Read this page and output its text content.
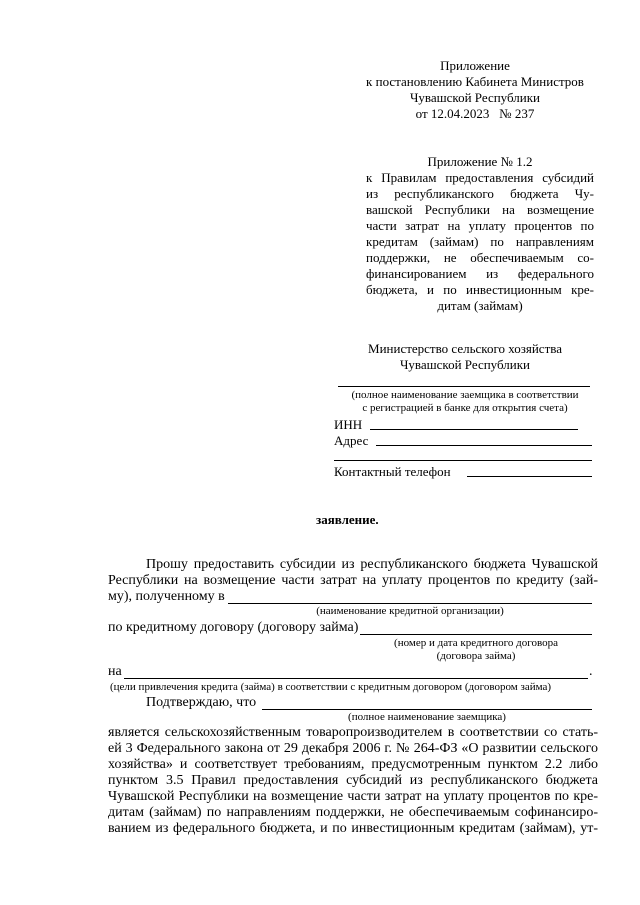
Приложение
к постановлению Кабинета Министров
Чувашской Республики
от 12.04.2023   № 237
Приложение № 1.2
к Правилам предоставления субсидий
из республиканского бюджета Чу-
вашской Республики на возмещение
части затрат на уплату процентов по
кредитам (займам) по направлениям
поддержки, не обеспечиваемым со-
финансированием из федерального
бюджета, и по инвестиционным кре-
дитам (займам)
Министерство сельского хозяйства
Чувашской Республики
(полное наименование заемщика в соответствии
с регистрацией в банке для открытия счета)
ИНН
Адрес
Контактный телефон
заявление.
Прошу предоставить субсидии из республиканского бюджета Чувашской
Республики на возмещение части затрат на уплату процентов по кредиту (зай-
му), полученному в
(наименование кредитной организации)
по кредитному договору (договору займа)
(номер и дата кредитного договора
(договора займа)
на	.
(цели привлечения кредита (займа) в соответствии с кредитным договором (договором займа)
Подтверждаю, что
(полное наименование заемщика)
является сельскохозяйственным товаропроизводителем в соответствии со стать-
ей 3 Федерального закона от 29 декабря 2006 г. № 264-ФЗ «О развитии сельского
хозяйства» и соответствует требованиям, предусмотренным пунктом 2.2 либо
пунктом 3.5 Правил предоставления субсидий из республиканского бюджета
Чувашской Республики на возмещение части затрат на уплату процентов по кре-
дитам (займам) по направлениям поддержки, не обеспечиваемым софинансиро-
ванием из федерального бюджета, и по инвестиционным кредитам (займам), ут-
